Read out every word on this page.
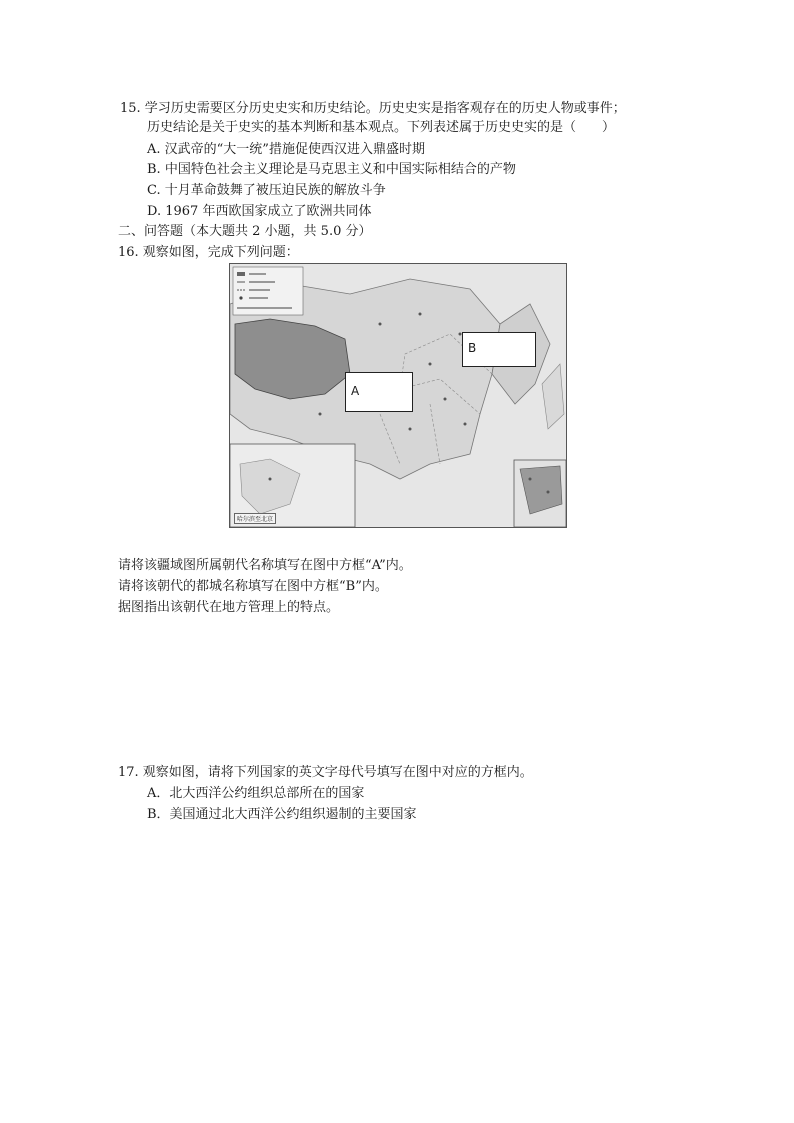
15. 学习历史需要区分历史史实和历史结论。历史史实是指客观存在的历史人物或事件；
历史结论是关于史实的基本判断和基本观点。下列表述属于历史史实的是（　　）
A. 汉武帝的“大一统”措施促使西汉进入鼎盛时期
B. 中国特色社会主义理论是马克思主义和中国实际相结合的产物
C. 十月革命鼓舞了被压迫民族的解放斗争
D. 1967 年西欧国家成立了欧洲共同体
二、问答题（本大题共 2 小题，共 5.0 分）
16. 观察如图，完成下列问题：
A
B
哈尔滨至北京
请将该疆域图所属朝代名称填写在图中方框“A”内。
请将该朝代的都城名称填写在图中方框“B”内。
据图指出该朝代在地方管理上的特点。
17. 观察如图，请将下列国家的英文字母代号填写在图中对应的方框内。
A．北大西洋公约组织总部所在的国家
B．美国通过北大西洋公约组织遏制的主要国家
